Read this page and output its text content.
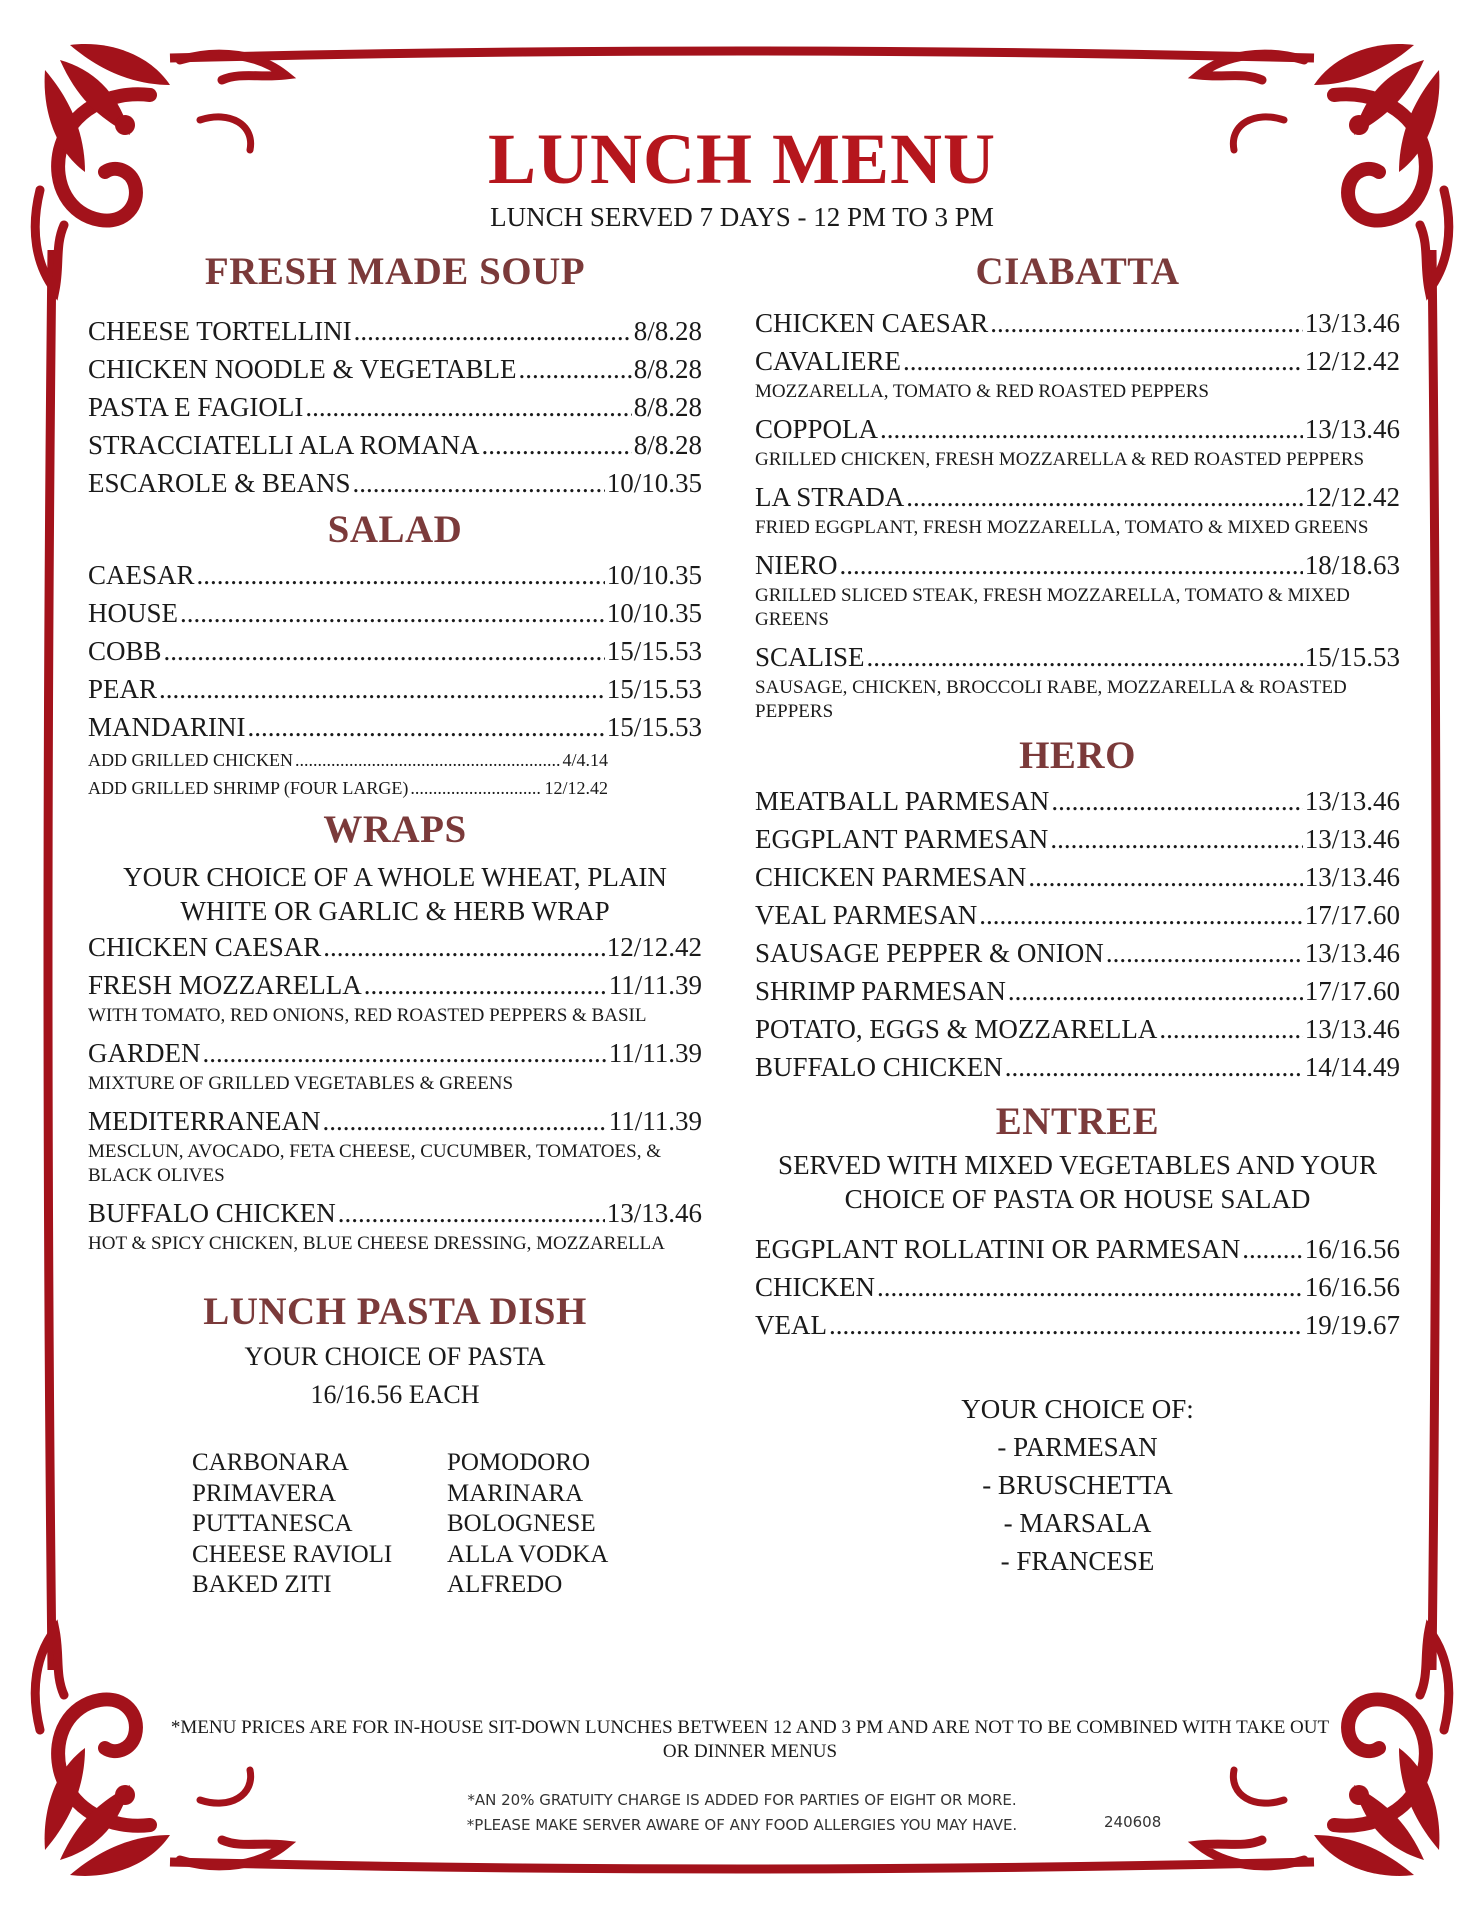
LUNCH MENU
LUNCH SERVED 7 DAYS - 12 PM TO 3 PM
FRESH MADE SOUP
CHEESE TORTELLINI .....	8/8.28
CHICKEN NOODLE & VEGETABLE .....	8/8.28
PASTA E FAGIOLI .....	8/8.28
STRACCIATELLI ALA ROMANA .....	8/8.28
ESCAROLE & BEANS .....	10/10.35
SALAD
CAESAR .....	10/10.35
HOUSE .....	10/10.35
COBB .....	15/15.53
PEAR .....	15/15.53
MANDARINI .....	15/15.53
ADD GRILLED CHICKEN .....	4/4.14
ADD GRILLED SHRIMP (FOUR LARGE) .....	12/12.42
WRAPS
YOUR CHOICE OF A WHOLE WHEAT, PLAIN WHITE OR GARLIC & HERB WRAP
CHICKEN CAESAR .....	12/12.42
FRESH MOZZARELLA .....	11/11.39
WITH TOMATO, RED ONIONS, RED ROASTED PEPPERS & BASIL
GARDEN .....	11/11.39
MIXTURE OF GRILLED VEGETABLES & GREENS
MEDITERRANEAN .....	11/11.39
MESCLUN, AVOCADO, FETA CHEESE, CUCUMBER, TOMATOES, & BLACK OLIVES
BUFFALO CHICKEN .....	13/13.46
HOT & SPICY CHICKEN, BLUE CHEESE DRESSING, MOZZARELLA
LUNCH PASTA DISH
YOUR CHOICE OF PASTA
16/16.56 EACH
CARBONARA
PRIMAVERA
PUTTANESCA
CHEESE RAVIOLI
BAKED ZITI
POMODORO
MARINARA
BOLOGNESE
ALLA VODKA
ALFREDO
CIABATTA
CHICKEN CAESAR .....	13/13.46
CAVALIERE .....	12/12.42
MOZZARELLA, TOMATO & RED ROASTED PEPPERS
COPPOLA .....	13/13.46
GRILLED CHICKEN, FRESH MOZZARELLA & RED ROASTED PEPPERS
LA STRADA .....	12/12.42
FRIED EGGPLANT, FRESH MOZZARELLA, TOMATO & MIXED GREENS
NIERO .....	18/18.63
GRILLED SLICED STEAK, FRESH MOZZARELLA, TOMATO & MIXED GREENS
SCALISE .....	15/15.53
SAUSAGE, CHICKEN, BROCCOLI RABE, MOZZARELLA & ROASTED PEPPERS
HERO
MEATBALL PARMESAN .....	13/13.46
EGGPLANT PARMESAN .....	13/13.46
CHICKEN PARMESAN .....	13/13.46
VEAL PARMESAN .....	17/17.60
SAUSAGE PEPPER & ONION .....	13/13.46
SHRIMP PARMESAN .....	17/17.60
POTATO, EGGS & MOZZARELLA .....	13/13.46
BUFFALO CHICKEN .....	14/14.49
ENTREE
SERVED WITH MIXED VEGETABLES AND YOUR CHOICE OF PASTA OR HOUSE SALAD
EGGPLANT ROLLATINI OR PARMESAN ..... 16/16.56
CHICKEN .....	16/16.56
VEAL .....	19/19.67
YOUR CHOICE OF:
- PARMESAN
- BRUSCHETTA
- MARSALA
- FRANCESE
*MENU PRICES ARE FOR IN-HOUSE SIT-DOWN LUNCHES BETWEEN 12 AND 3 PM AND ARE NOT TO BE COMBINED WITH TAKE OUT OR DINNER MENUS
*AN 20% GRATUITY CHARGE IS ADDED FOR PARTIES OF EIGHT OR MORE.
*PLEASE MAKE SERVER AWARE OF ANY FOOD ALLERGIES YOU MAY HAVE.	240608
